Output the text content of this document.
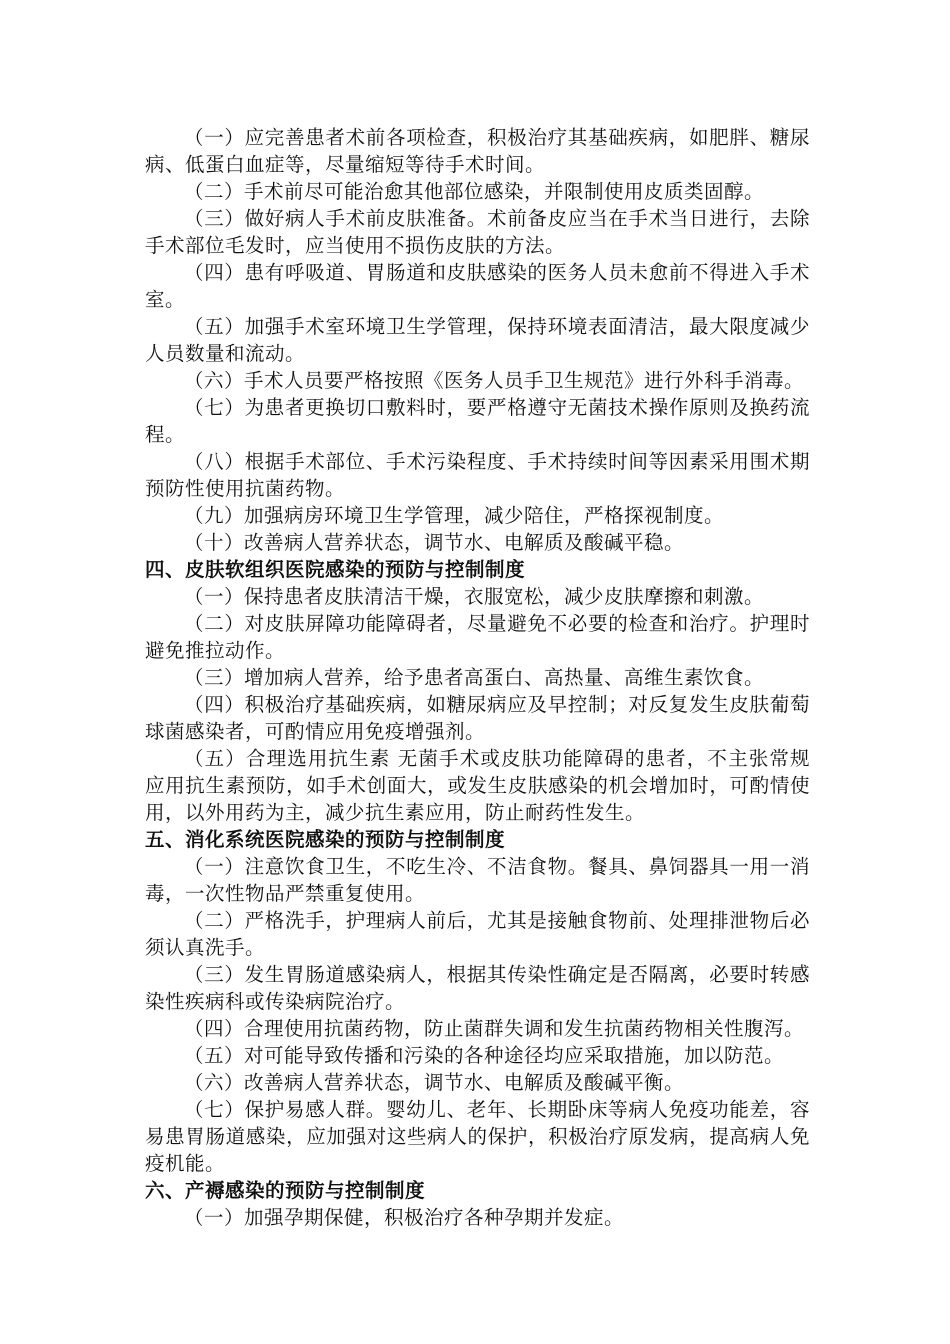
（一）应完善患者术前各项检查，积极治疗其基础疾病，如肥胖、糖尿病、低蛋白血症等，尽量缩短等待手术时间。

（二）手术前尽可能治愈其他部位感染，并限制使用皮质类固醇。

（三）做好病人手术前皮肤准备。术前备皮应当在手术当日进行，去除手术部位毛发时，应当使用不损伤皮肤的方法。

（四）患有呼吸道、胃肠道和皮肤感染的医务人员未愈前不得进入手术室。

（五）加强手术室环境卫生学管理，保持环境表面清洁，最大限度减少人员数量和流动。

（六）手术人员要严格按照《医务人员手卫生规范》进行外科手消毒。

（七）为患者更换切口敷料时，要严格遵守无菌技术操作原则及换药流程。

（八）根据手术部位、手术污染程度、手术持续时间等因素采用围术期预防性使用抗菌药物。

（九）加强病房环境卫生学管理，减少陪住，严格探视制度。

（十）改善病人营养状态，调节水、电解质及酸碱平稳。

四、皮肤软组织医院感染的预防与控制制度

（一）保持患者皮肤清洁干燥，衣服宽松，减少皮肤摩擦和刺激。

（二）对皮肤屏障功能障碍者，尽量避免不必要的检查和治疗。护理时避免推拉动作。

（三）增加病人营养，给予患者高蛋白、高热量、高维生素饮食。

（四）积极治疗基础疾病，如糖尿病应及早控制；对反复发生皮肤葡萄球菌感染者，可酌情应用免疫增强剂。

（五）合理选用抗生素 无菌手术或皮肤功能障碍的患者，不主张常规应用抗生素预防，如手术创面大，或发生皮肤感染的机会增加时，可酌情使用，以外用药为主，减少抗生素应用，防止耐药性发生。

五、消化系统医院感染的预防与控制制度

（一）注意饮食卫生，不吃生冷、不洁食物。餐具、鼻饲器具一用一消毒，一次性物品严禁重复使用。

（二）严格洗手，护理病人前后，尤其是接触食物前、处理排泄物后必须认真洗手。

（三）发生胃肠道感染病人，根据其传染性确定是否隔离，必要时转感染性疾病科或传染病院治疗。

（四）合理使用抗菌药物，防止菌群失调和发生抗菌药物相关性腹泻。

（五）对可能导致传播和污染的各种途径均应采取措施，加以防范。

（六）改善病人营养状态，调节水、电解质及酸碱平衡。

（七）保护易感人群。婴幼儿、老年、长期卧床等病人免疫功能差，容易患胃肠道感染，应加强对这些病人的保护，积极治疗原发病，提高病人免疫机能。

六、产褥感染的预防与控制制度

（一）加强孕期保健，积极治疗各种孕期并发症。
